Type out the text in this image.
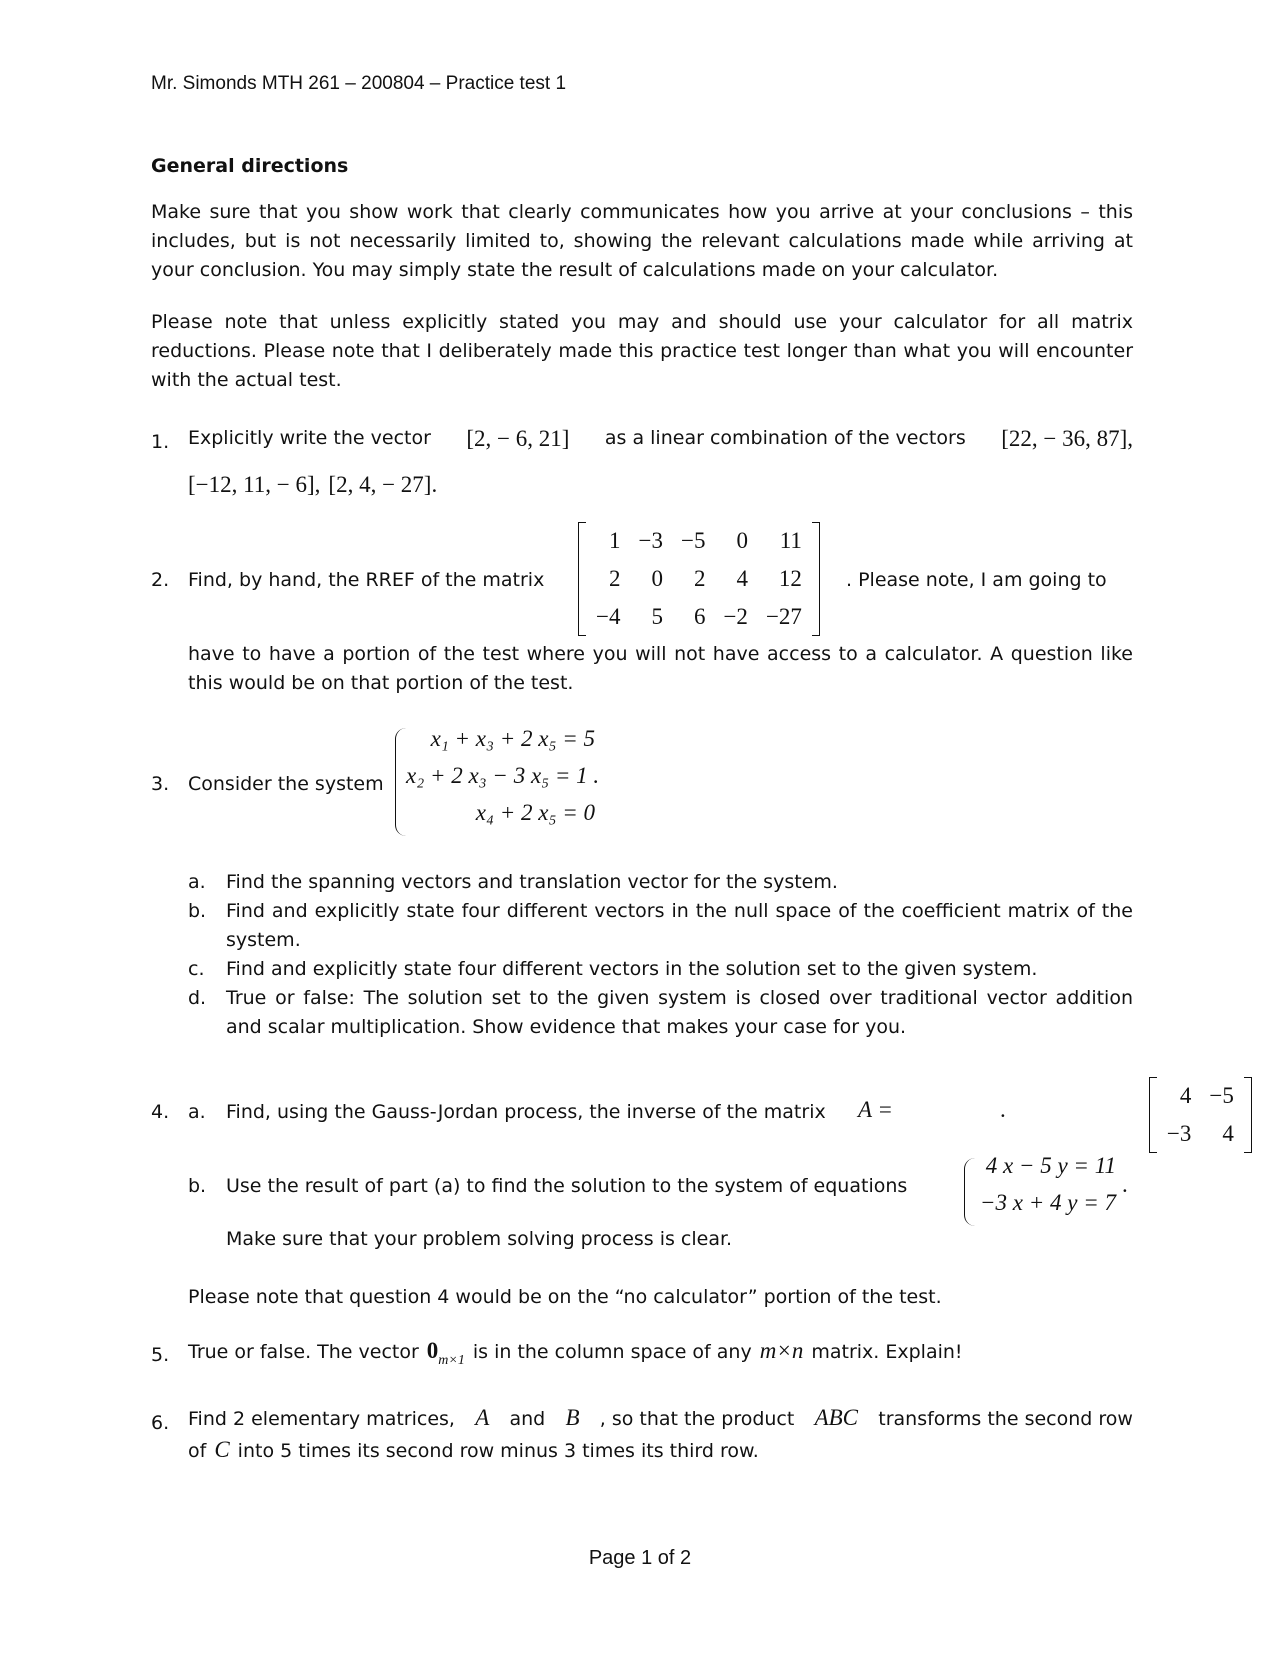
Mr. Simonds MTH 261 – 200804 – Practice test 1
General directions
Make sure that you show work that clearly communicates how you arrive at your conclusions – this includes, but is not necessarily limited to, showing the relevant calculations made while arriving at your conclusion. You may simply state the result of calculations made on your calculator.
Please note that unless explicitly stated you may and should use your calculator for all matrix reductions. Please note that I deliberately made this practice test longer than what you will encounter with the actual test.
1. Explicitly write the vector [2, − 6, 21] as a linear combination of the vectors [22, − 36, 87],
[−12, 11, − 6], [2, 4, − 27].
2. Find, by hand, the RREF of the matrix
1 −3 −5	0	11
2	0	2	4	12
−4	5	6 −2 −27

. Please note, I am going to
have to have a portion of the test where you will not have access to a calculator. A question like this would be on that portion of the test.
3. Consider the system
x₁ + x₃ + 2 x₅ = 5
x₂ + 2 x₃ − 3 x₅ = 1 .
x₄ + 2 x₅ = 0
a.	Find the spanning vectors and translation vector for the system.
b.	Find and explicitly state four different vectors in the null space of the coefficient matrix of the system.
c.	Find and explicitly state four different vectors in the solution set to the given system.
d.	True or false: The solution set to the given system is closed over traditional vector addition and scalar multiplication. Show evidence that makes your case for you.
4. a. Find, using the Gauss-Jordan process, the inverse of the matrix A =
4 −5
−3	4
.
b. Use the result of part (a) to find the solution to the system of equations
4 x − 5 y = 11
−3 x + 4 y = 7
.
Make sure that your problem solving process is clear.
Please note that question 4 would be on the “no calculator” portion of the test.
5. True or false. The vector $0_{m\times 1}$ is in the column space of any m×n matrix. Explain!
6. Find 2 elementary matrices, A and B , so that the product ABC transforms the second row
of C into 5 times its second row minus 3 times its third row.
Page 1 of 2
